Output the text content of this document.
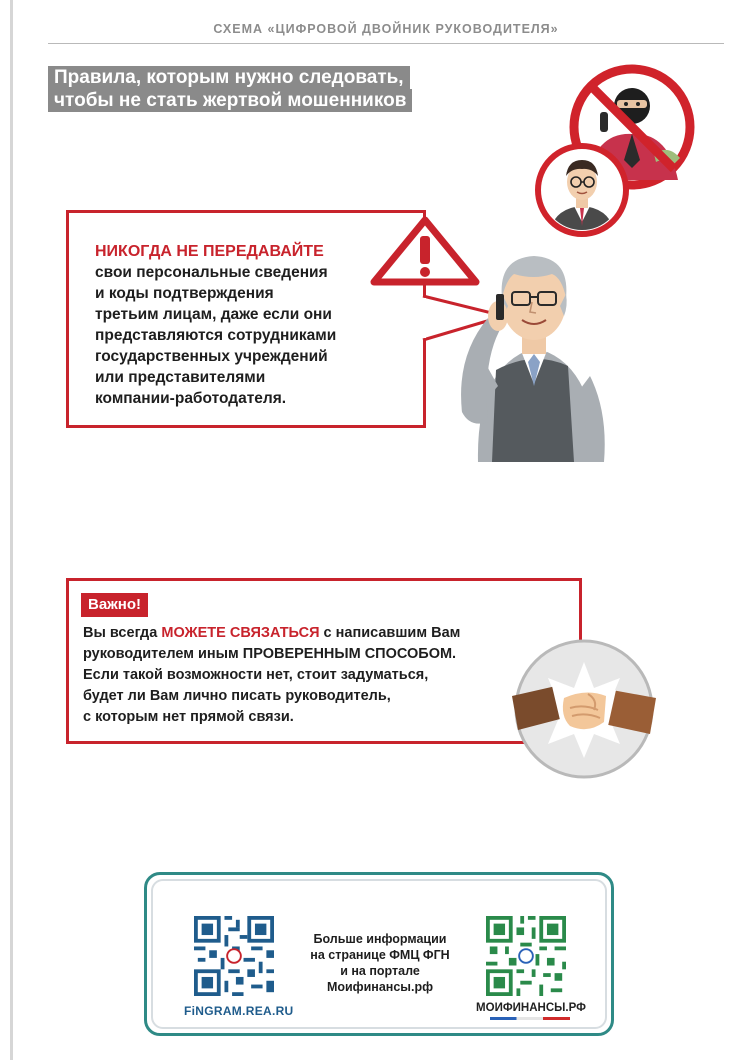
СХЕМА «ЦИФРОВОЙ ДВОЙНИК РУКОВОДИТЕЛЯ»
Правила, которым нужно следовать,
чтобы не стать жертвой мошенников
НИКОГДА НЕ ПЕРЕДАВАЙТЕ
свои персональные сведения
и коды подтверждения
третьим лицам, даже если они
представляются сотрудниками
государственных учреждений
или представителями
компании-работодателя.
Важно!
Вы всегда МОЖЕТЕ СВЯЗАТЬСЯ с написавшим Вам
руководителем иным ПРОВЕРЕННЫМ СПОСОБОМ.
Если такой возможности нет, стоит задуматься,
будет ли Вам лично писать руководитель,
с которым нет прямой связи.
FiNGRAM.REA.RU
Больше информации
на странице ФМЦ ФГН
и на портале
Моифинансы.рф
МОИФИНАНСЫ.РФ
